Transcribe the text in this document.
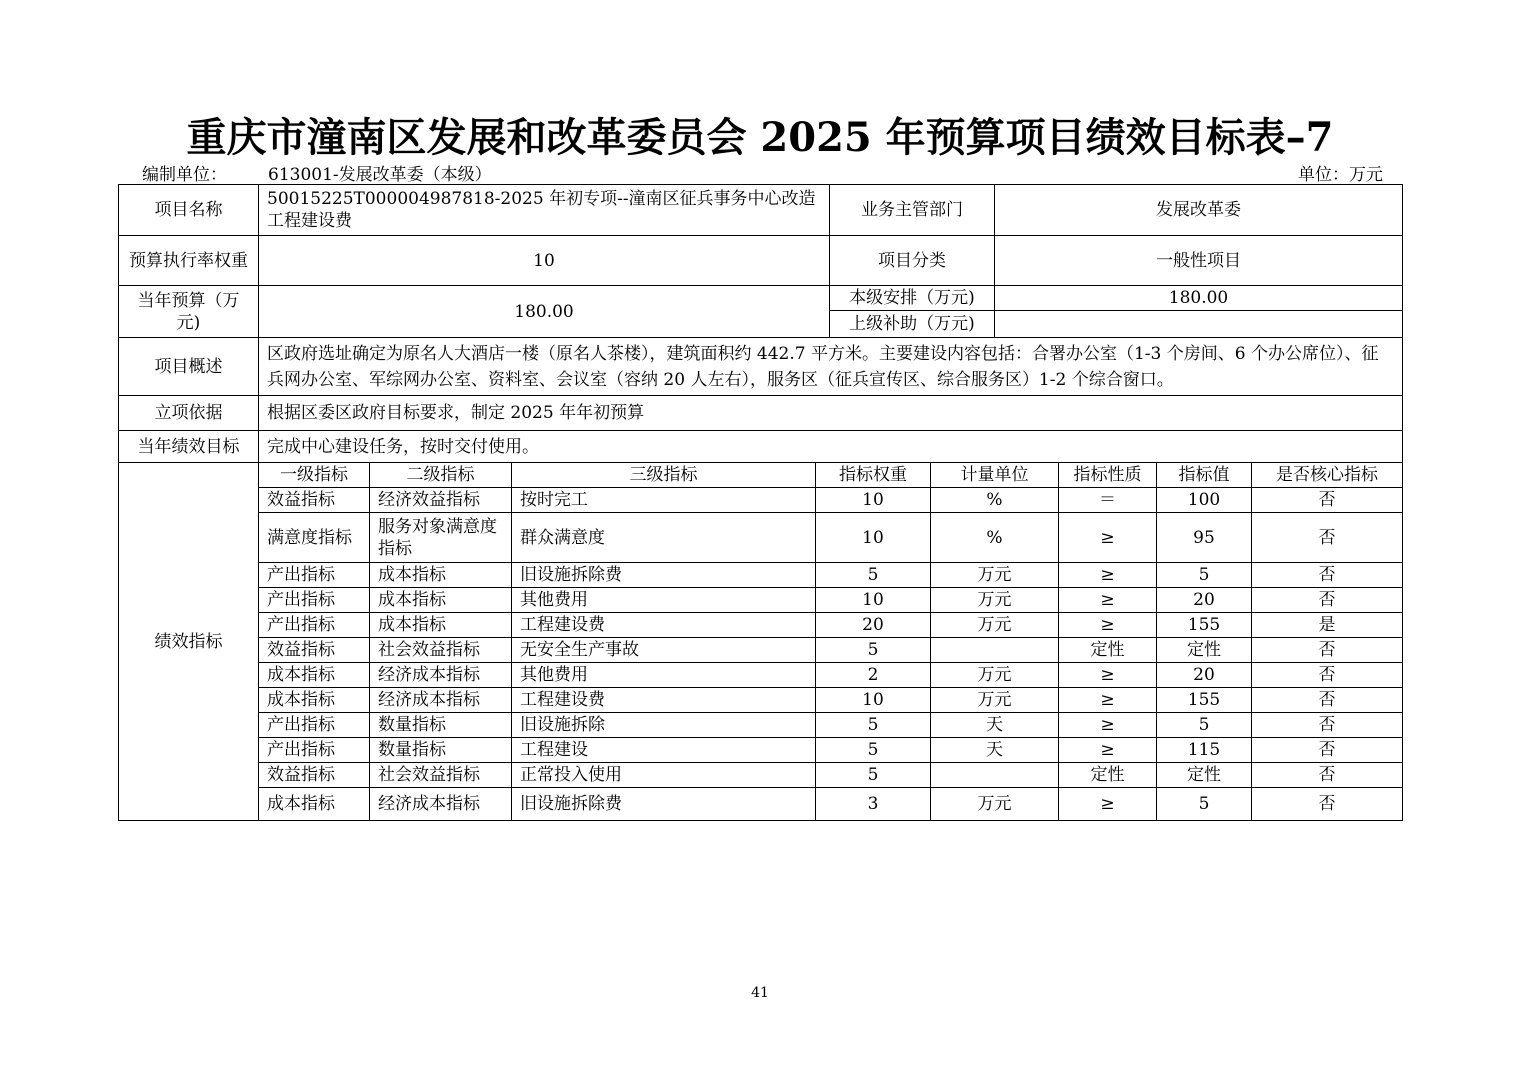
重庆市潼南区发展和改革委员会 2025 年预算项目绩效目标表–7
编制单位： 613001-发展改革委（本级）	单位：万元
项目名称	50015225T000004987818-2025 年初专项--潼南区征兵事务中心改造工程建设费	业务主管部门	发展改革委
预算执行率权重	10	项目分类	一般性项目
当年预算（万元)	180.00	本级安排（万元)	180.00
		上级补助（万元)	
项目概述	区政府选址确定为原名人大酒店一楼（原名人茶楼），建筑面积约 442.7 平方米。主要建设内容包括：合署办公室（1-3 个房间、6 个办公席位）、征兵网办公室、军综网办公室、资料室、会议室（容纳 20 人左右），服务区（征兵宣传区、综合服务区）1-2 个综合窗口。		
立项依据	根据区委区政府目标要求，制定 2025 年年初预算		
当年绩效目标	完成中心建设任务，按时交付使用。		
绩效指标	一级指标	二级指标	三级指标	指标权重	计量单位	指标性质	指标值	是否核心指标
	效益指标	经济效益指标	按时完工	10	%	＝	100	否
	满意度指标	服务对象满意度指标	群众满意度	10	%	≥	95	否
	产出指标	成本指标	旧设施拆除费	5	万元	≥	5	否
	产出指标	成本指标	其他费用	10	万元	≥	20	否
	产出指标	成本指标	工程建设费	20	万元	≥	155	是
	效益指标	社会效益指标	无安全生产事故	5		定性	定性	否
	成本指标	经济成本指标	其他费用	2	万元	≥	20	否
	成本指标	经济成本指标	工程建设费	10	万元	≥	155	否
	产出指标	数量指标	旧设施拆除	5	天	≥	5	否
	产出指标	数量指标	工程建设	5	天	≥	115	否
	效益指标	社会效益指标	正常投入使用	5		定性	定性	否
	成本指标	经济成本指标	旧设施拆除费	3	万元	≥	5	否
41
